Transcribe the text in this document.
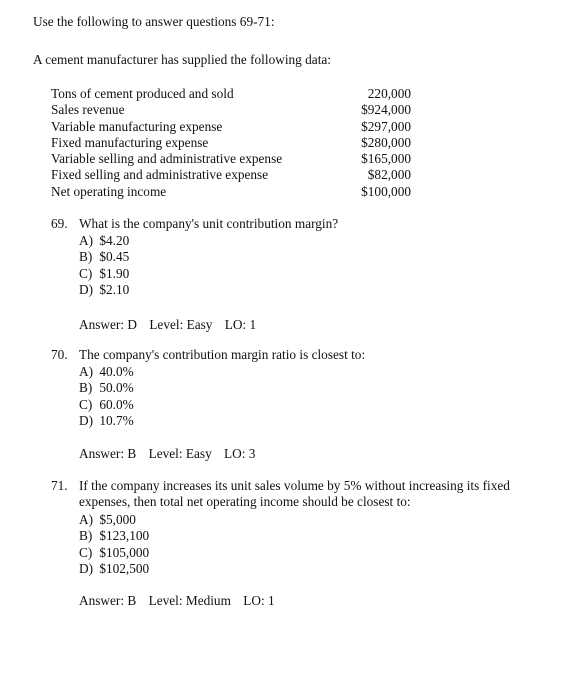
Use the following to answer questions 69-71:
A cement manufacturer has supplied the following data:
Tons of cement produced and sold	220,000
Sales revenue	$924,000
Variable manufacturing expense	$297,000
Fixed manufacturing expense	$280,000
Variable selling and administrative expense	$165,000
Fixed selling and administrative expense	$82,000
Net operating income	$100,000
69. What is the company's unit contribution margin?
A) $4.20
B) $0.45
C) $1.90
D) $2.10
Answer: D Level: Easy LO: 1
70. The company's contribution margin ratio is closest to:
A) 40.0%
B) 50.0%
C) 60.0%
D) 10.7%
Answer: B Level: Easy LO: 3
71. If the company increases its unit sales volume by 5% without increasing its fixed expenses, then total net operating income should be closest to:
A) $5,000
B) $123,100
C) $105,000
D) $102,500
Answer: B Level: Medium LO: 1
